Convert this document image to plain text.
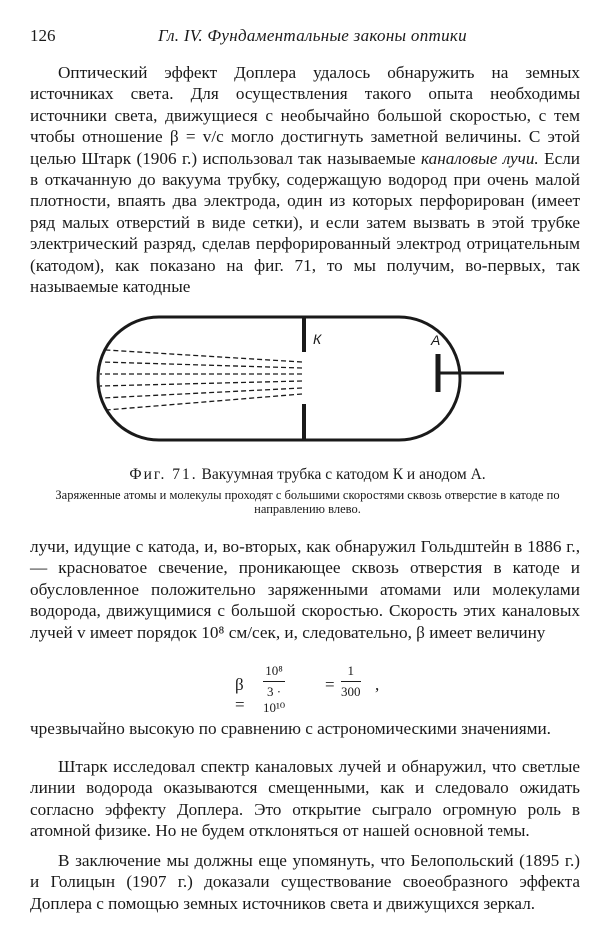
126	Гл. IV. Фундаментальные законы оптики

Оптический эффект Доплера удалось обнаружить на земных источниках света. Для осуществления такого опыта необходимы источники света, движущиеся с необычайно большой скоростью, с тем чтобы отношение β = v/c могло достигнуть заметной величины. С этой целью Штарк (1906 г.) использовал так называемые каналовые лучи. Если в откачанную до вакуума трубку, содержащую водород при очень малой плотности, впаять два электрода, один из которых перфорирован (имеет ряд малых отверстий в виде сетки), и если затем вызвать в этой трубке электрический разряд, сделав перфорированный электрод отрицательным (катодом), как показано на фиг. 71, то мы получим, во-первых, так называемые катодные

К	А

Фиг. 71. Вакуумная трубка с катодом К и анодом А.

Заряженные атомы и молекулы проходят с большими скоростями сквозь отверстие в катоде по направлению влево.

лучи, идущие с катода, и, во-вторых, как обнаружил Гольдштейн в 1886 г., — красноватое свечение, проникающее сквозь отверстия в катоде и обусловленное положительно заряженными атомами или молекулами водорода, движущимися с большой скоростью. Скорость этих каналовых лучей v имеет порядок 10⁸ см/сек, и, следовательно, β имеет величину

β =
10⁸
3 · 10¹⁰
=
1
300 ,

чрезвычайно высокую по сравнению с астрономическими значениями.

Штарк исследовал спектр каналовых лучей и обнаружил, что светлые линии водорода оказываются смещенными, как и следовало ожидать согласно эффекту Доплера. Это открытие сыграло огромную роль в атомной физике. Но не будем отклоняться от нашей основной темы.

В заключение мы должны еще упомянуть, что Белопольский (1895 г.) и Голицын (1907 г.) доказали существование своеобразного эффекта Доплера с помощью земных источников света и движущихся зеркал.
